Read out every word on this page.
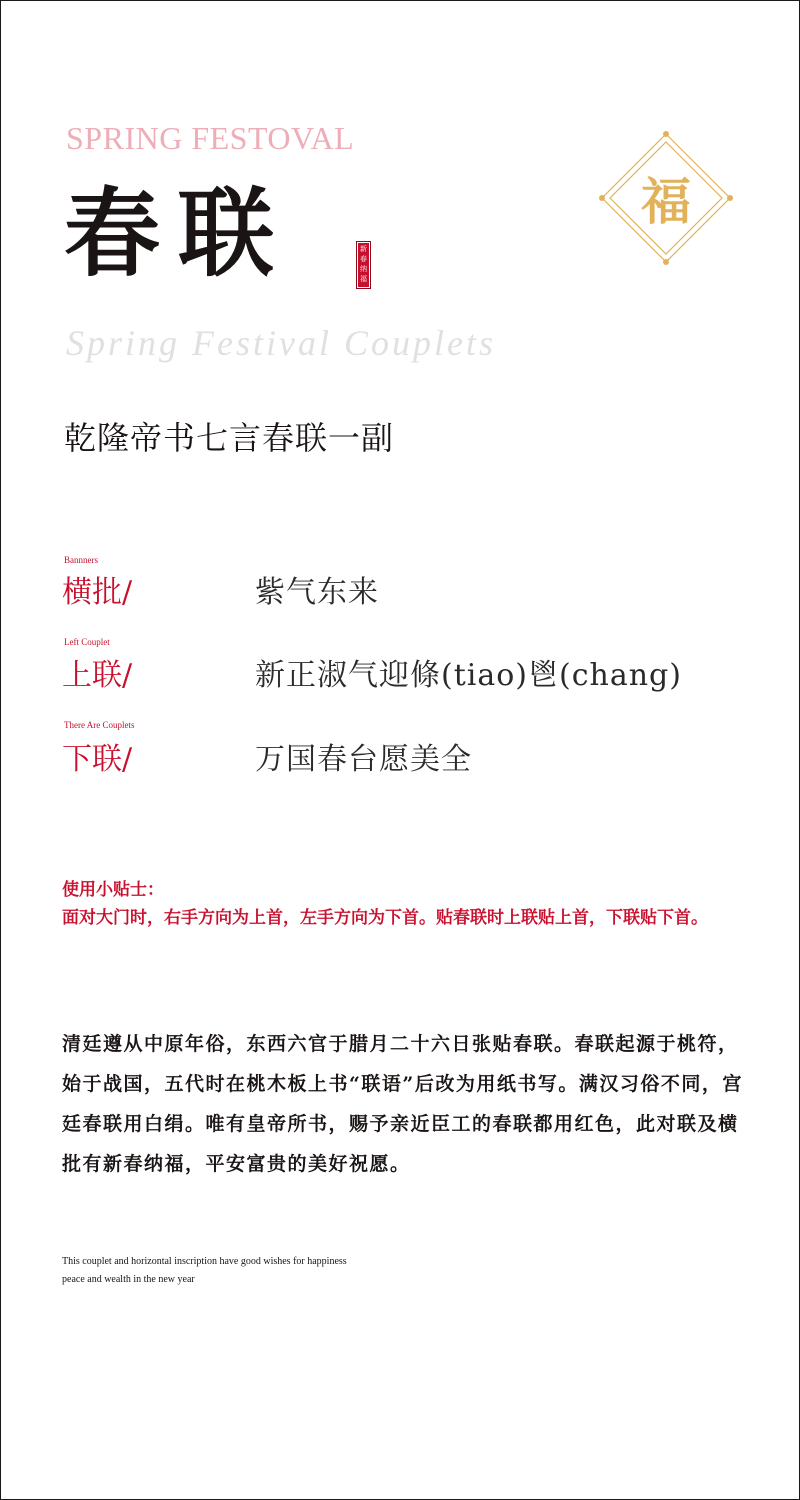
SPRING FESTOVAL
春联	新春纳福
福
Spring Festival Couplets
乾隆帝书七言春联一副
Bannners
横批/	紫气东来
Left Couplet
上联/	新正淑气迎條(tiao)鬯(chang)
There Are Couplets
下联/	万国春台愿美全
使用小贴士：
面对大门时，右手方向为上首，左手方向为下首。贴春联时上联贴上首，下联贴下首。
清廷遵从中原年俗，东西六官于腊月二十六日张贴春联。春联起源于桃符，始于战国，五代时在桃木板上书“联语”后改为用纸书写。满汉习俗不同，宫廷春联用白绢。唯有皇帝所书，赐予亲近臣工的春联都用红色，此对联及横批有新春纳福，平安富贵的美好祝愿。
This couplet and horizontal inscription have good wishes for happiness
peace and wealth in the new year
